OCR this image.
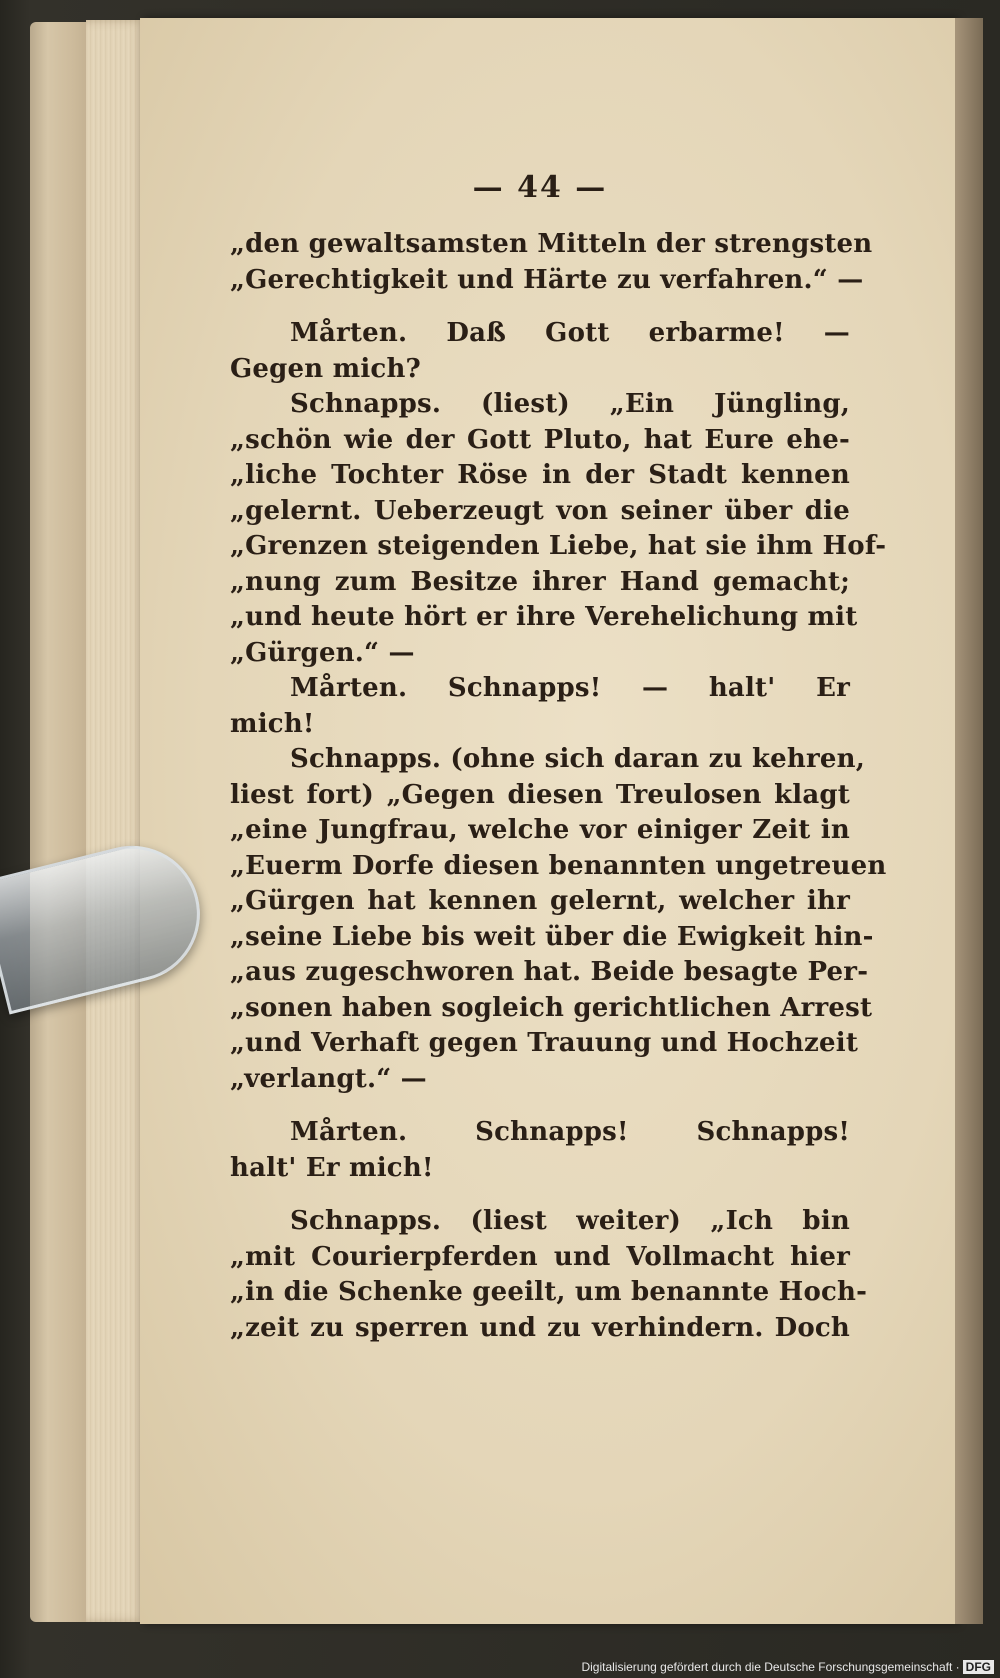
— 44 —
„den gewaltsamsten Mitteln der strengsten
„Gerechtigkeit und Härte zu verfahren.“ —
Mårten. Daß Gott erbarme! —
Gegen mich?
Schnapps. (liest) „Ein Jüngling,
„schön wie der Gott Pluto, hat Eure ehe-
„liche Tochter Röse in der Stadt kennen
„gelernt. Ueberzeugt von seiner über die
„Grenzen steigenden Liebe, hat sie ihm Hof-
„nung zum Besitze ihrer Hand gemacht;
„und heute hört er ihre Verehelichung mit
„Gürgen.“ —
Mårten. Schnapps! — halt' Er
mich!
Schnapps. (ohne sich daran zu kehren,
liest fort) „Gegen diesen Treulosen klagt
„eine Jungfrau, welche vor einiger Zeit in
„Euerm Dorfe diesen benannten ungetreuen
„Gürgen hat kennen gelernt, welcher ihr
„seine Liebe bis weit über die Ewigkeit hin-
„aus zugeschworen hat. Beide besagte Per-
„sonen haben sogleich gerichtlichen Arrest
„und Verhaft gegen Trauung und Hochzeit
„verlangt.“ —
Mårten. Schnapps! Schnapps!
halt' Er mich!
Schnapps. (liest weiter) „Ich bin
„mit Courierpferden und Vollmacht hier
„in die Schenke geeilt, um benannte Hoch-
„zeit zu sperren und zu verhindern. Doch
Digitalisierung gefördert durch die Deutsche Forschungsgemeinschaft · DFG
